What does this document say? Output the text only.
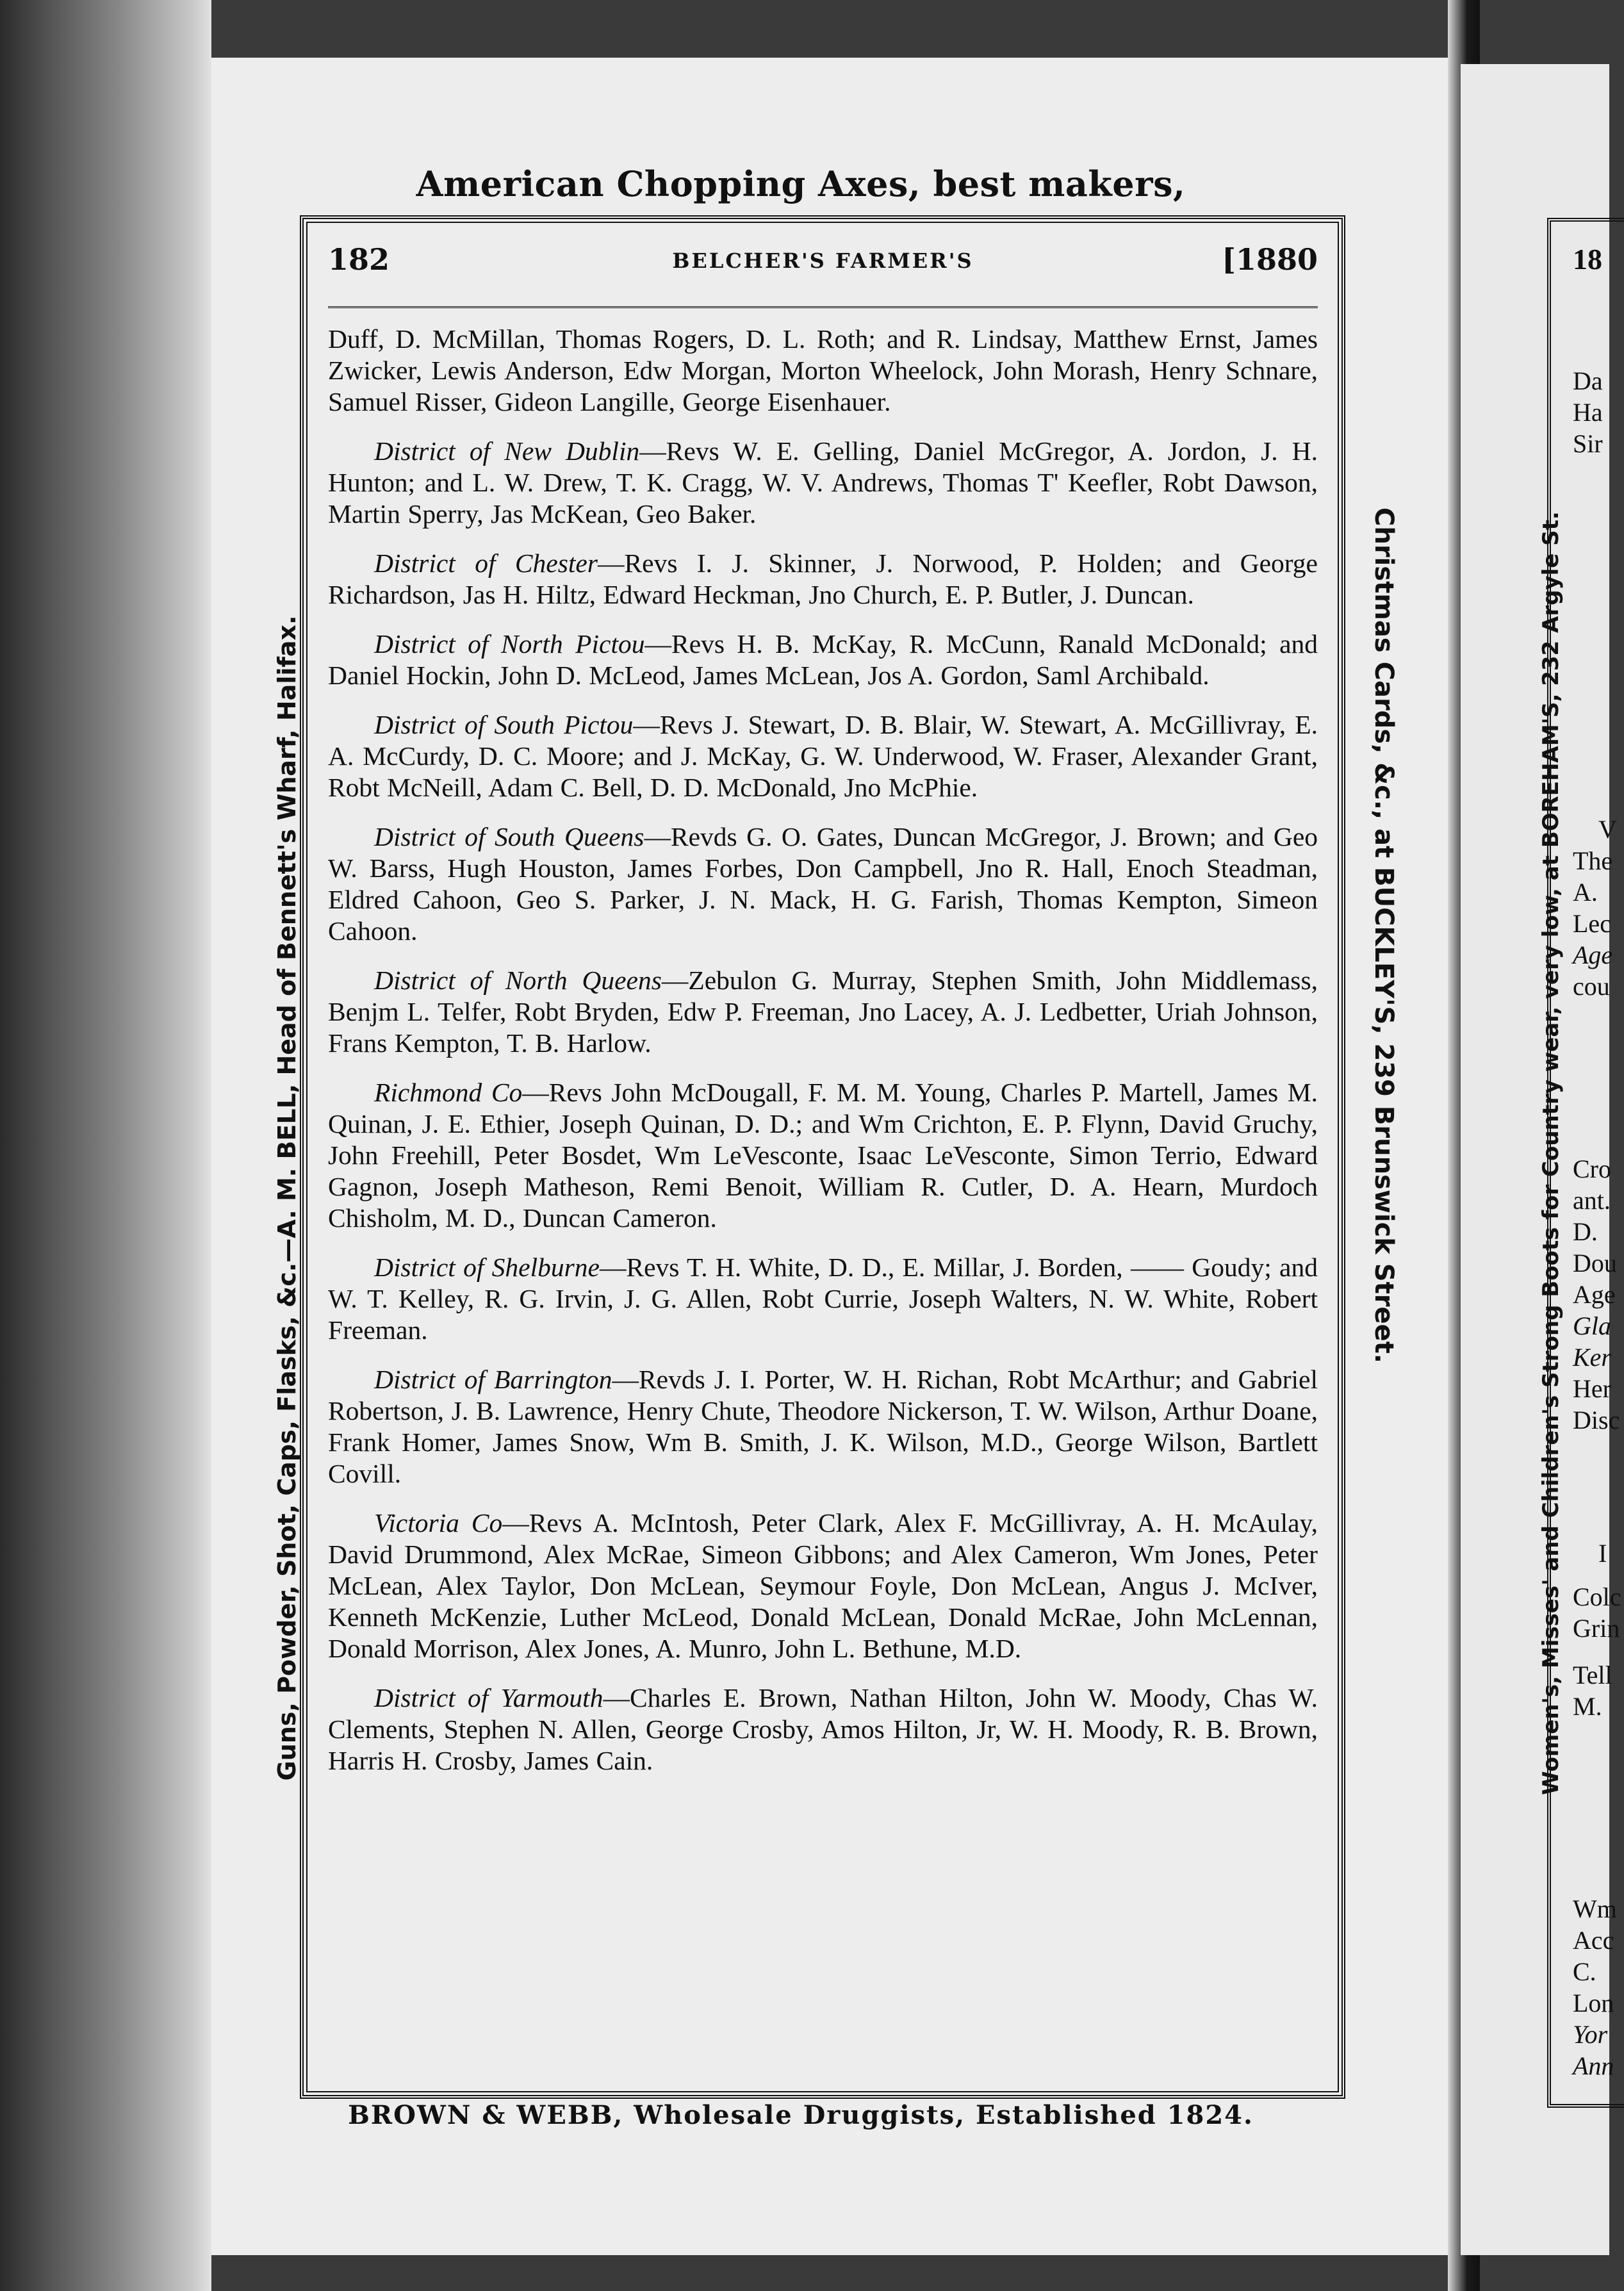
American Chopping Axes, best makers,
Guns, Powder, Shot, Caps, Flasks, &c.—A. M. BELL, Head of Bennett's Wharf, Halifax.	Christmas Cards, &c., at BUCKLEY'S, 239 Brunswick Street.	Women's, Misses' and Children's Strong Boots for Country wear, very low, at BOREHAM'S, 232 Argyle St.
182	BELCHER'S FARMER'S	[1880

Duff, D. McMillan, Thomas Rogers, D. L. Roth; and R. Lindsay, Matthew Ernst, James Zwicker, Lewis Anderson, Edw Morgan, Morton Wheelock, John Morash, Henry Schnare, Samuel Risser, Gideon Langille, George Eisenhauer.

District of New Dublin—Revs W. E. Gelling, Daniel McGregor, A. Jordon, J. H. Hunton; and L. W. Drew, T. K. Cragg, W. V. Andrews, Thomas T' Keefler, Robt Dawson, Martin Sperry, Jas McKean, Geo Baker.

District of Chester—Revs I. J. Skinner, J. Norwood, P. Holden; and George Richardson, Jas H. Hiltz, Edward Heckman, Jno Church, E. P. Butler, J. Duncan.

District of North Pictou—Revs H. B. McKay, R. McCunn, Ranald McDonald; and Daniel Hockin, John D. McLeod, James McLean, Jos A. Gordon, Saml Archibald.

District of South Pictou—Revs J. Stewart, D. B. Blair, W. Stewart, A. McGillivray, E. A. McCurdy, D. C. Moore; and J. McKay, G. W. Underwood, W. Fraser, Alexander Grant, Robt McNeill, Adam C. Bell, D. D. McDonald, Jno McPhie.

District of South Queens—Revds G. O. Gates, Duncan McGregor, J. Brown; and Geo W. Barss, Hugh Houston, James Forbes, Don Campbell, Jno R. Hall, Enoch Steadman, Eldred Cahoon, Geo S. Parker, J. N. Mack, H. G. Farish, Thomas Kempton, Simeon Cahoon.

District of North Queens—Zebulon G. Murray, Stephen Smith, John Middlemass, Benjm L. Telfer, Robt Bryden, Edw P. Freeman, Jno Lacey, A. J. Ledbetter, Uriah Johnson, Frans Kempton, T. B. Harlow.

Richmond Co—Revs John McDougall, F. M. M. Young, Charles P. Martell, James M. Quinan, J. E. Ethier, Joseph Quinan, D. D.; and Wm Crichton, E. P. Flynn, David Gruchy, John Freehill, Peter Bosdet, Wm LeVesconte, Isaac LeVesconte, Simon Terrio, Edward Gagnon, Joseph Matheson, Remi Benoit, William R. Cutler, D. A. Hearn, Murdoch Chisholm, M. D., Duncan Cameron.

District of Shelburne—Revs T. H. White, D. D., E. Millar, J. Borden, —— Goudy; and W. T. Kelley, R. G. Irvin, J. G. Allen, Robt Currie, Joseph Walters, N. W. White, Robert Freeman.

District of Barrington—Revds J. I. Porter, W. H. Richan, Robt McArthur; and Gabriel Robertson, J. B. Lawrence, Henry Chute, Theodore Nickerson, T. W. Wilson, Arthur Doane, Frank Homer, James Snow, Wm B. Smith, J. K. Wilson, M.D., George Wilson, Bartlett Covill.

Victoria Co—Revs A. McIntosh, Peter Clark, Alex F. McGillivray, A. H. McAulay, David Drummond, Alex McRae, Simeon Gibbons; and Alex Cameron, Wm Jones, Peter McLean, Alex Taylor, Don McLean, Seymour Foyle, Don McLean, Angus J. McIver, Kenneth McKenzie, Luther McLeod, Donald McLean, Donald McRae, John McLennan, Donald Morrison, Alex Jones, A. Munro, John L. Bethune, M.D.

District of Yarmouth—Charles E. Brown, Nathan Hilton, John W. Moody, Chas W. Clements, Stephen N. Allen, George Crosby, Amos Hilton, Jr, W. H. Moody, R. B. Brown, Harris H. Crosby, James Cain.

BROWN & WEBB, Wholesale Druggists, Established 1824.
18
Da
Ha
Sir
V
The
A.
Lec
Age
cou
Cro
ant.
D.
Dou
Age
Gla
Ker
Her
Disc
I
Colc
Grin
Tell
M.
Wm
Acc
C.
Lon
Yor
Ann
